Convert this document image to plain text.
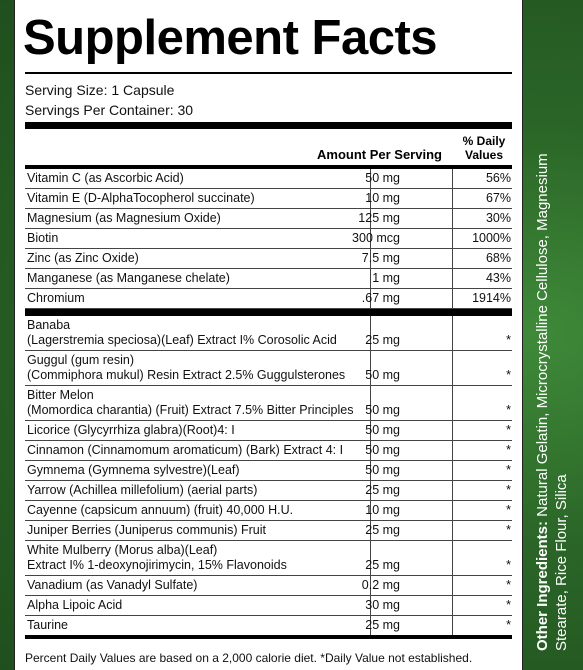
Supplement Facts
Serving Size: 1 Capsule
Servings Per Container: 30
Amount Per Serving
% Daily Values
Vitamin C (as Ascorbic Acid)	50 mg	56%
Vitamin E (D-AlphaTocopherol succinate)	10 mg	67%
Magnesium (as Magnesium Oxide)	125 mg	30%
Biotin	300 mcg	1000%
Zinc (as Zinc Oxide)	7.5 mg	68%
Manganese (as Manganese chelate)	1 mg	43%
Chromium	.67 mg	1914%
Banaba
(Lagerstremia speciosa)(Leaf) Extract I% Corosolic Acid	25 mg	*
Guggul (gum resin)
(Commiphora mukul) Resin Extract 2.5% Guggulsterones	50 mg	*
Bitter Melon
(Momordica charantia) (Fruit) Extract 7.5% Bitter Principles 50 mg	*
Licorice (Glycyrrhiza glabra)(Root)4: I	50 mg	*
Cinnamon (Cinnamomum aromaticum) (Bark) Extract 4: I	50 mg	*
Gymnema (Gymnema sylvestre)(Leaf)	50 mg	*
Yarrow (Achillea millefolium) (aerial parts)	25 mg	*
Cayenne (capsicum annuum) (fruit) 40,000 H.U.	10 mg	*
Juniper Berries (Juniperus communis) Fruit	25 mg	*
White Mulberry (Morus alba)(Leaf)
Extract I% 1-deoxynojirimycin, 15% Flavonoids	25 mg	*
Vanadium (as Vanadyl Sulfate)	0.2 mg	*
Alpha Lipoic Acid	30 mg	*
Taurine	25 mg	*
Percent Daily Values are based on a 2,000 calorie diet. *Daily Value not established.
Other Ingredients: Natural Gelatin, Microcrystalline Cellulose, Magnesium Stearate, Rice Flour, Silica
